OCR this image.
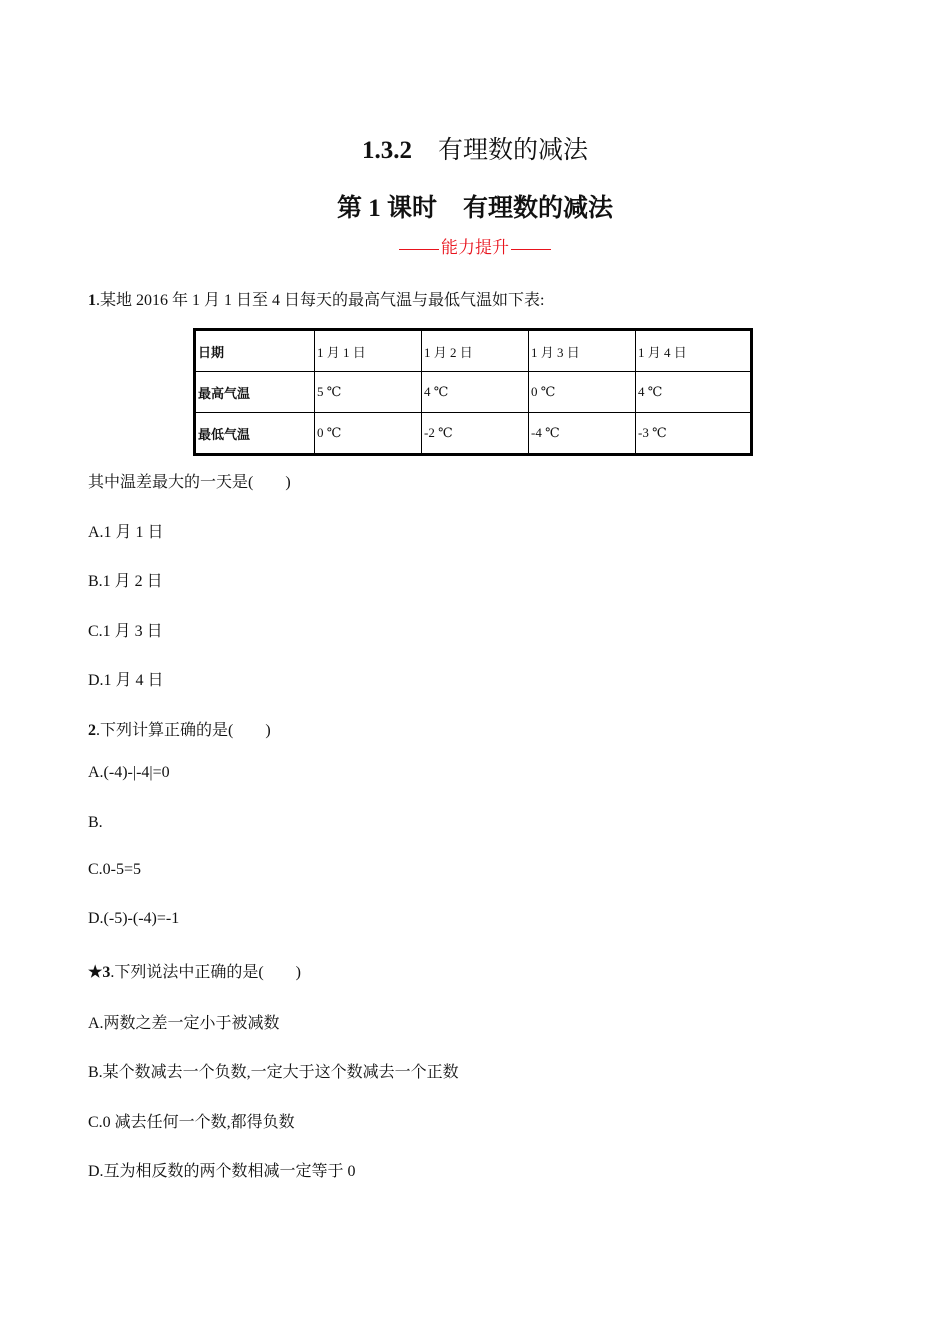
1.3.2 有理数的减法
第 1 课时 有理数的减法
能力提升
1.某地 2016 年 1 月 1 日至 4 日每天的最高气温与最低气温如下表:
日期	1 月 1 日	1 月 2 日	1 月 3 日	1 月 4 日
最高气温	5 ℃	4 ℃	0 ℃	4 ℃
最低气温	0 ℃	-2 ℃	-4 ℃	-3 ℃
其中温差最大的一天是(　　)
A.1 月 1 日
B.1 月 2 日
C.1 月 3 日
D.1 月 4 日
2.下列计算正确的是(　　)
A.(-4)-|-4|=0
B.
C.0-5=5
D.(-5)-(-4)=-1
★3.下列说法中正确的是(　　)
A.两数之差一定小于被减数
B.某个数减去一个负数,一定大于这个数减去一个正数
C.0 减去任何一个数,都得负数
D.互为相反数的两个数相减一定等于 0
